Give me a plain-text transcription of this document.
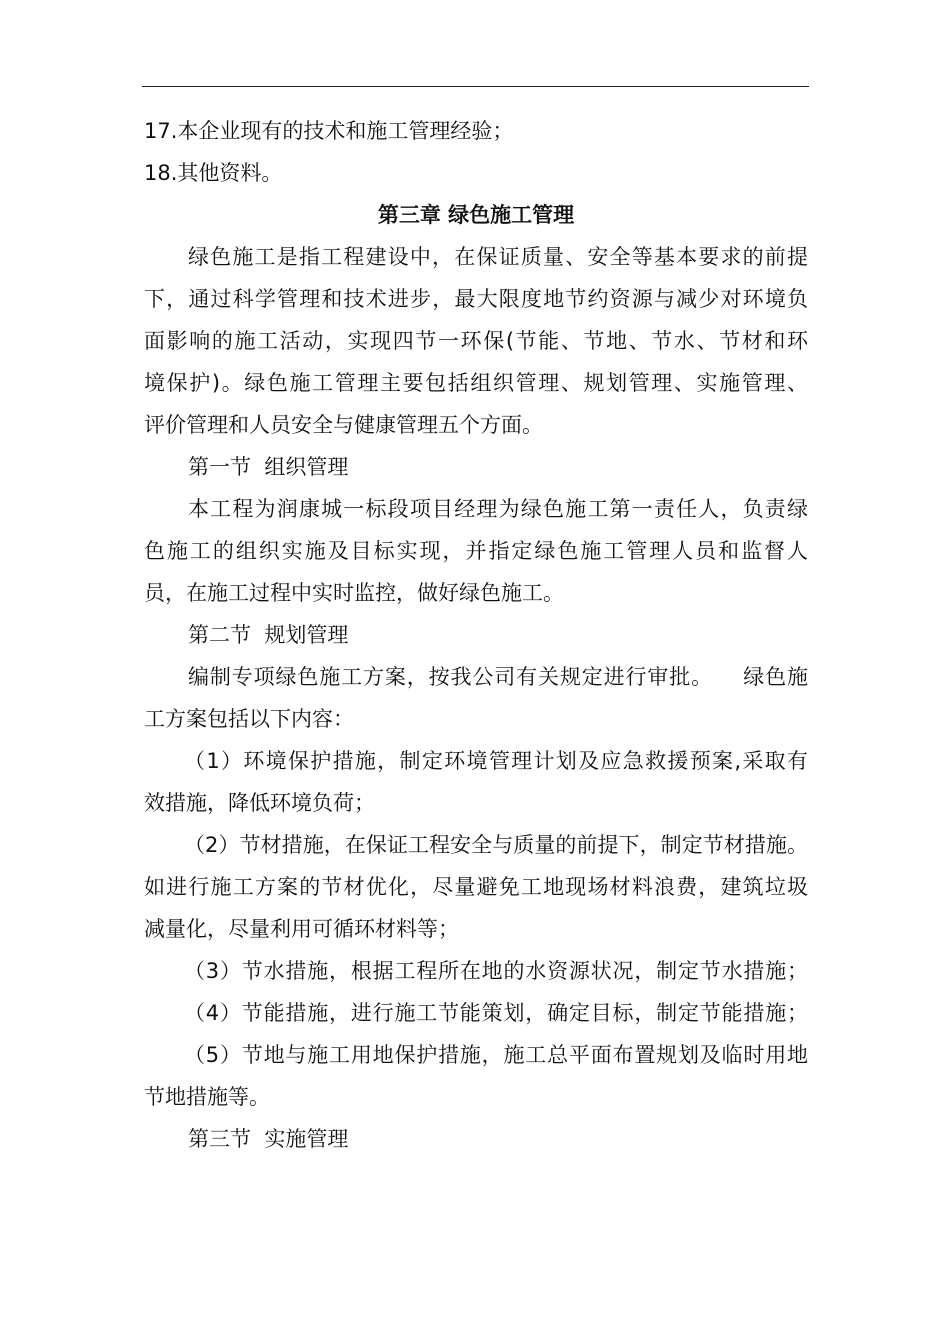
17.本企业现有的技术和施工管理经验；
18.其他资料。
第三章 绿色施工管理
绿色施工是指工程建设中，在保证质量、安全等基本要求的前提
下，通过科学管理和技术进步，最大限度地节约资源与减少对环境负
面影响的施工活动，实现四节一环保(节能、节地、节水、节材和环
境保护)。绿色施工管理主要包括组织管理、规划管理、实施管理、
评价管理和人员安全与健康管理五个方面。
第一节  组织管理
本工程为润康城一标段项目经理为绿色施工第一责任人，负责绿
色施工的组织实施及目标实现，并指定绿色施工管理人员和监督人
员，在施工过程中实时监控，做好绿色施工。
第二节  规划管理
编制专项绿色施工方案，按我公司有关规定进行审批。    绿色施
工方案包括以下内容：
（1）环境保护措施，制定环境管理计划及应急救援预案,采取有
效措施，降低环境负荷；
（2）节材措施，在保证工程安全与质量的前提下，制定节材措施。
如进行施工方案的节材优化，尽量避免工地现场材料浪费，建筑垃圾
减量化，尽量利用可循环材料等；
（3）节水措施，根据工程所在地的水资源状况，制定节水措施；
（4）节能措施，进行施工节能策划，确定目标，制定节能措施；
（5）节地与施工用地保护措施，施工总平面布置规划及临时用地
节地措施等。
第三节  实施管理
